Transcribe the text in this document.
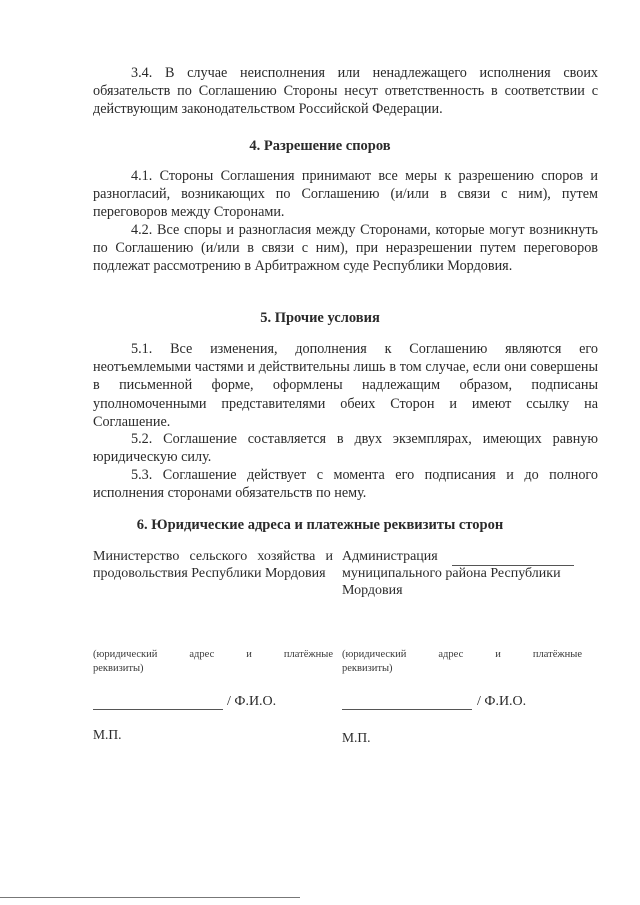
3.4. В случае неисполнения или ненадлежащего исполнения своих обязательств по Соглашению Стороны несут ответственность в соответствии с действующим законодательством Российской Федерации.

4. Разрешение споров

4.1. Стороны Соглашения принимают все меры к разрешению споров и разногласий, возникающих по Соглашению (и/или в связи с ним), путем переговоров между Сторонами.

4.2. Все споры и разногласия между Сторонами, которые могут возникнуть по Соглашению (и/или в связи с ним), при неразрешении путем переговоров подлежат рассмотрению в Арбитражном суде Республики Мордовия.

5. Прочие условия

5.1. Все изменения, дополнения к Соглашению являются его неотъемлемыми частями и действительны лишь в том случае, если они совершены в письменной форме, оформлены надлежащим образом, подписаны уполномоченными представителями обеих Сторон и имеют ссылку на Соглашение.

5.2. Соглашение составляется в двух экземплярах, имеющих равную юридическую силу.

5.3. Соглашение действует с момента его подписания и до полного исполнения сторонами обязательств по нему.

6. Юридические адреса и платежные реквизиты сторон

Министерство сельского хозяйства и продовольствия Республики Мордовия

(юридический адрес и платёжные
реквизиты)
/ Ф.И.О.
М.П.
Администрация
муниципального района Республики
Мордовия
(юридический адрес и платёжные
реквизиты)
/ Ф.И.О.
М.П.
